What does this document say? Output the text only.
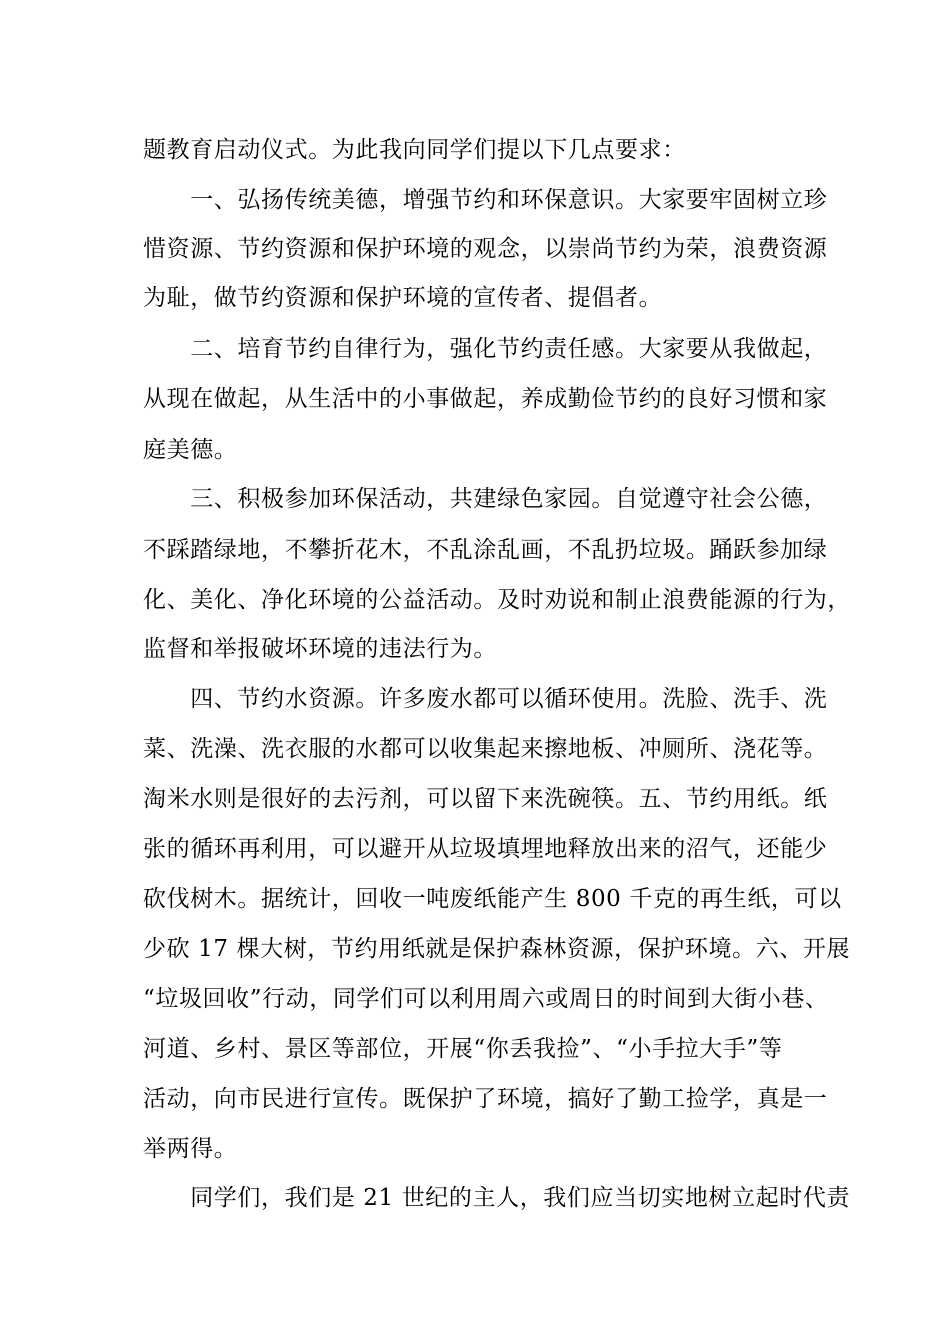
题教育启动仪式。为此我向同学们提以下几点要求：
　　一、弘扬传统美德，增强节约和环保意识。大家要牢固树立珍
惜资源、节约资源和保护环境的观念，以崇尚节约为荣，浪费资源
为耻，做节约资源和保护环境的宣传者、提倡者。
　　二、培育节约自律行为，强化节约责任感。大家要从我做起，
从现在做起，从生活中的小事做起，养成勤俭节约的良好习惯和家
庭美德。
　　三、积极参加环保活动，共建绿色家园。自觉遵守社会公德，
不踩踏绿地，不攀折花木，不乱涂乱画，不乱扔垃圾。踊跃参加绿
化、美化、净化环境的公益活动。及时劝说和制止浪费能源的行为，
监督和举报破坏环境的违法行为。
　　四、节约水资源。许多废水都可以循环使用。洗脸、洗手、洗
菜、洗澡、洗衣服的水都可以收集起来擦地板、冲厕所、浇花等。
淘米水则是很好的去污剂，可以留下来洗碗筷。五、节约用纸。纸
张的循环再利用，可以避开从垃圾填埋地释放出来的沼气，还能少
砍伐树木。据统计，回收一吨废纸能产生 800 千克的再生纸，可以
少砍 17 棵大树，节约用纸就是保护森林资源，保护环境。六、开展
“垃圾回收”行动，同学们可以利用周六或周日的时间到大街小巷、
河道、乡村、景区等部位，开展“你丢我捡”、“小手拉大手”等
活动，向市民进行宣传。既保护了环境，搞好了勤工捡学，真是一
举两得。
　　同学们，我们是 21 世纪的主人，我们应当切实地树立起时代责
